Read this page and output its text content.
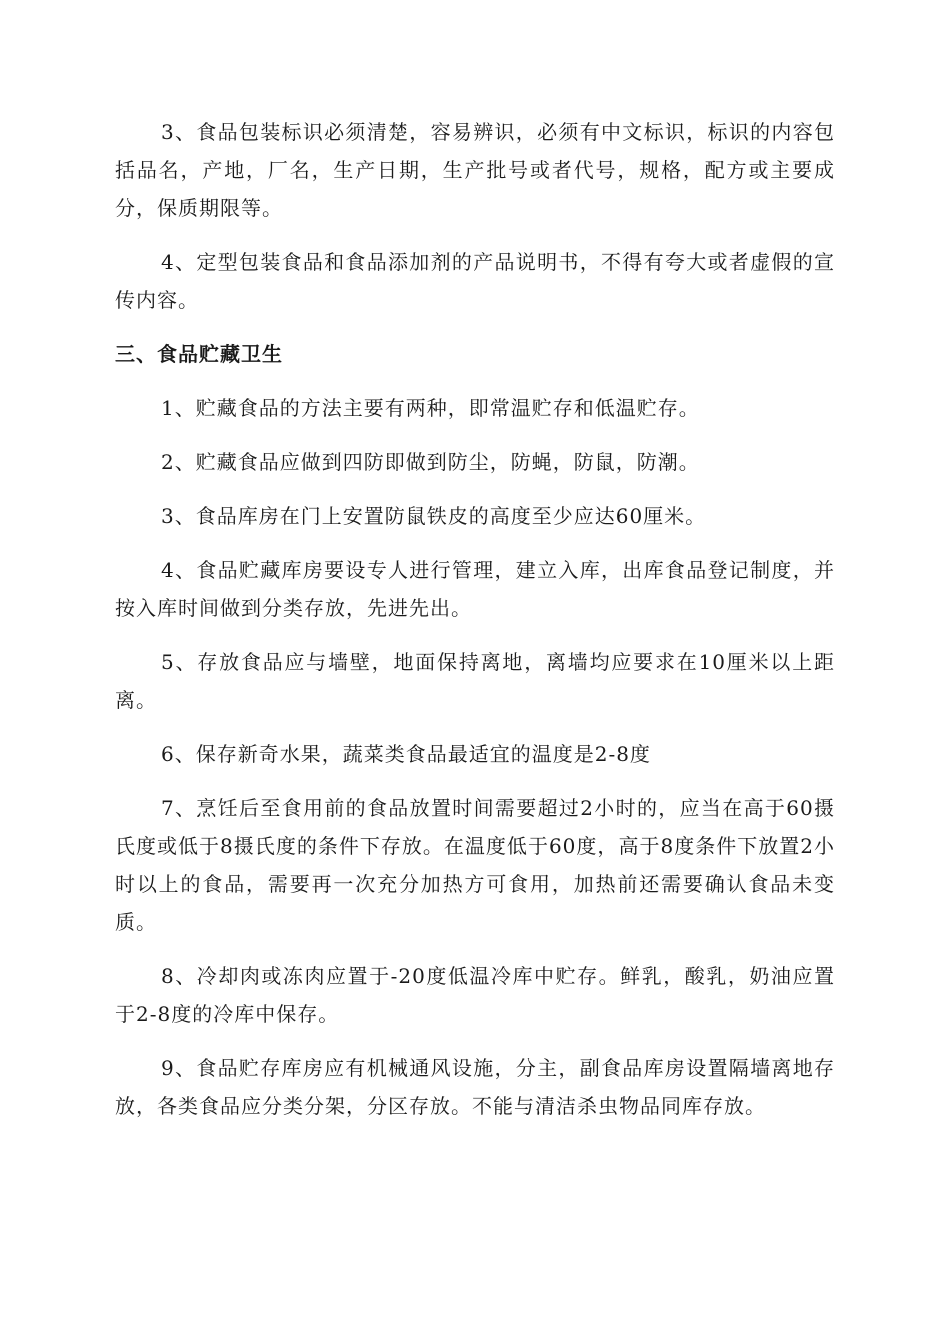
3、食品包装标识必须清楚，容易辨识，必须有中文标识，标识的内容包括品名，产地，厂名，生产日期，生产批号或者代号，规格，配方或主要成分，保质期限等。

4、定型包装食品和食品添加剂的产品说明书，不得有夸大或者虚假的宣传内容。

三、食品贮藏卫生

1、贮藏食品的方法主要有两种，即常温贮存和低温贮存。

2、贮藏食品应做到四防即做到防尘，防蝇，防鼠，防潮。

3、食品库房在门上安置防鼠铁皮的高度至少应达60厘米。

4、食品贮藏库房要设专人进行管理，建立入库，出库食品登记制度，并按入库时间做到分类存放，先进先出。

5、存放食品应与墙壁，地面保持离地，离墙均应要求在10厘米以上距离。

6、保存新奇水果，蔬菜类食品最适宜的温度是2-8度

7、烹饪后至食用前的食品放置时间需要超过2小时的，应当在高于60摄氏度或低于8摄氏度的条件下存放。在温度低于60度，高于8度条件下放置2小时以上的食品，需要再一次充分加热方可食用，加热前还需要确认食品未变质。

8、冷却肉或冻肉应置于-20度低温冷库中贮存。鲜乳，酸乳，奶油应置于2-8度的冷库中保存。

9、食品贮存库房应有机械通风设施，分主，副食品库房设置隔墙离地存放，各类食品应分类分架，分区存放。不能与清洁杀虫物品同库存放。
